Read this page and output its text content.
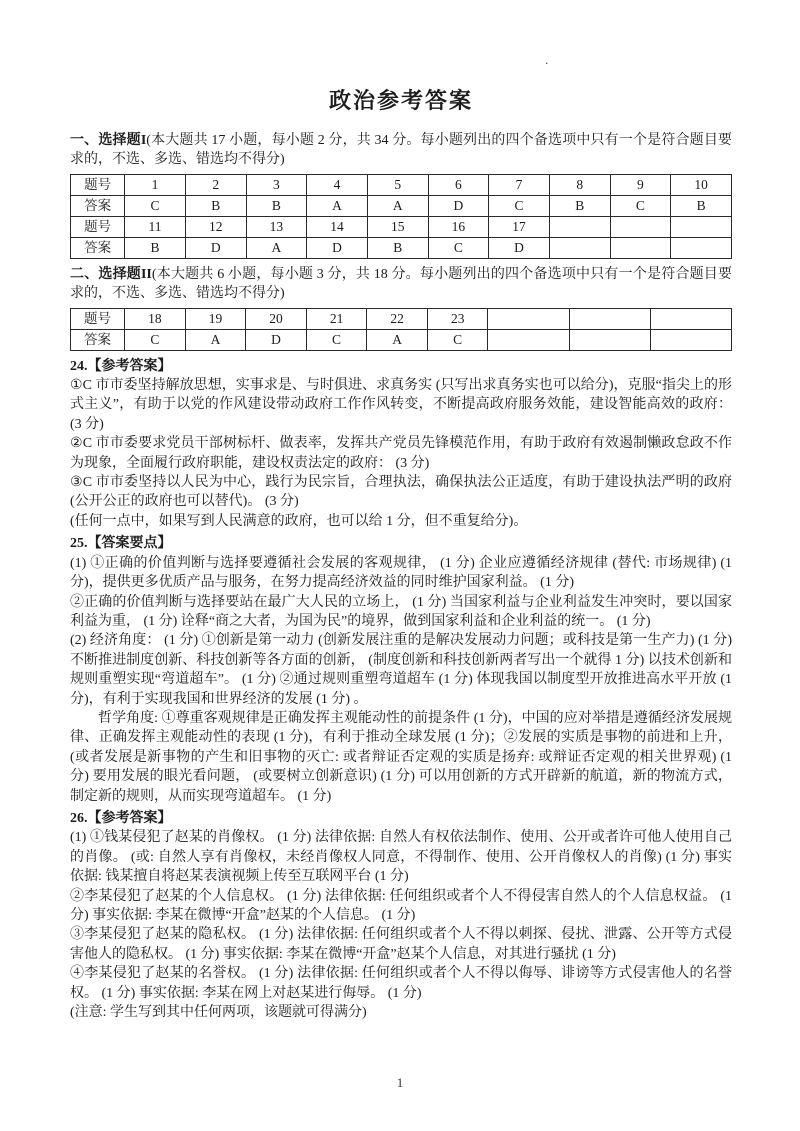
.
政治参考答案

一、选择题I(本大题共 17 小题，每小题 2 分，共 34 分。每小题列出的四个备选项中只有一个是符合题目要求的，不选、多选、错选均不得分)

题号	1	2	3	4	5	6	7	8	9	10
答案	C	B	B	A	A	D	C	B	C	B
题号	11	12	13	14	15	16	17			
答案	B	D	A	D	B	C	D			

二、选择题II(本大题共 6 小题，每小题 3 分，共 18 分。每小题列出的四个备选项中只有一个是符合题目要求的，不选、多选、错选均不得分)

题号	18	19	20	21	22	23			
答案	C	A	D	C	A	C			

24.【参考答案】

①C 市市委坚持解放思想，实事求是、与时俱进、求真务实 (只写出求真务实也可以给分)，克服“指尖上的形式主义”，有助于以党的作风建设带动政府工作作风转变，不断提高政府服务效能，建设智能高效的政府： (3 分)

②C 市市委要求党员干部树标杆、做表率，发挥共产党员先锋模范作用，有助于政府有效遏制懒政怠政不作为现象，全面履行政府职能，建设权责法定的政府： (3 分)

③C 市市委坚持以人民为中心，践行为民宗旨，合理执法，确保执法公正适度，有助于建设执法严明的政府 (公开公正的政府也可以替代)。 (3 分)

(任何一点中，如果写到人民满意的政府，也可以给 1 分，但不重复给分)。

25.【答案要点】

(1) ①正确的价值判断与选择要遵循社会发展的客观规律， (1 分) 企业应遵循经济规律 (替代: 市场规律) (1 分)，提供更多优质产品与服务，在努力提高经济效益的同时维护国家利益。 (1 分)

②正确的价值判断与选择要站在最广大人民的立场上， (1 分) 当国家利益与企业利益发生冲突时，要以国家利益为重， (1 分) 诠释“商之大者，为国为民”的境界，做到国家利益和企业利益的统一。 (1 分)

(2) 经济角度： (1 分) ①创新是第一动力 (创新发展注重的是解决发展动力问题；或科技是第一生产力) (1 分) 不断推进制度创新、科技创新等各方面的创新， (制度创新和科技创新两者写出一个就得 1 分) 以技术创新和规则重塑实现“弯道超车”。 (1 分) ②通过规则重塑弯道超车 (1 分) 体现我国以制度型开放推进高水平开放 (1 分)，有利于实现我国和世界经济的发展 (1 分) 。

　　哲学角度: ①尊重客观规律是正确发挥主观能动性的前提条件 (1 分)，中国的应对举措是遵循经济发展规律、正确发挥主观能动性的表现 (1 分)，有利于推动全球发展 (1 分)；②发展的实质是事物的前进和上升， (或者发展是新事物的产生和旧事物的灭亡: 或者辩证否定观的实质是扬弃: 或辩证否定观的相关世界观) (1 分) 要用发展的眼光看问题， (或要树立创新意识) (1 分) 可以用创新的方式开辟新的航道，新的物流方式，制定新的规则，从而实现弯道超车。 (1 分)

26.【参考答案】

(1) ①钱某侵犯了赵某的肖像权。 (1 分) 法律依据: 自然人有权依法制作、使用、公开或者许可他人使用自己的肖像。 (或: 自然人享有肖像权，未经肖像权人同意，不得制作、使用、公开肖像权人的肖像) (1 分) 事实依据: 钱某擅自将赵某表演视频上传至互联网平台 (1 分)

②李某侵犯了赵某的个人信息权。 (1 分) 法律依据: 任何组织或者个人不得侵害自然人的个人信息权益。 (1 分) 事实依据: 李某在微博“开盒”赵某的个人信息。 (1 分)

③李某侵犯了赵某的隐私权。 (1 分) 法律依据: 任何组织或者个人不得以刺探、侵扰、泄露、公开等方式侵害他人的隐私权。 (1 分) 事实依据: 李某在微博“开盒”赵某个人信息，对其进行骚扰 (1 分)

④李某侵犯了赵某的名誉权。 (1 分) 法律依据: 任何组织或者个人不得以侮辱、诽谤等方式侵害他人的名誉权。 (1 分) 事实依据: 李某在网上对赵某进行侮辱。 (1 分)

(注意: 学生写到其中任何两项，该题就可得满分)

1
